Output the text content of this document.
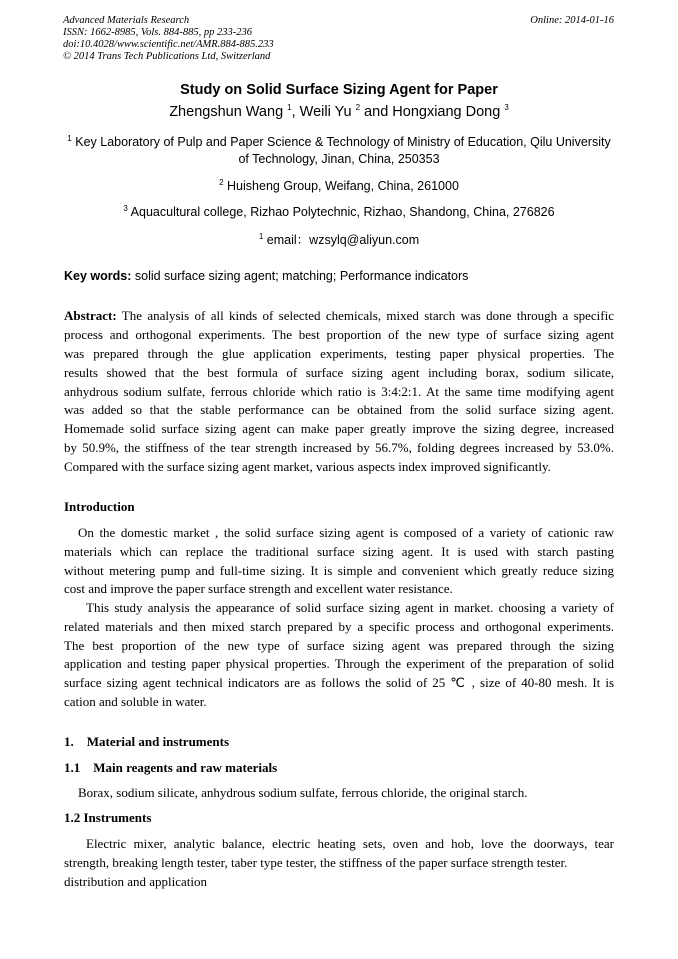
Advanced Materials Research
ISSN: 1662-8985, Vols. 884-885, pp 233-236
doi:10.4028/www.scientific.net/AMR.884-885.233
© 2014 Trans Tech Publications Ltd, Switzerland
Online: 2014-01-16
Study on Solid Surface Sizing Agent for Paper
Zhengshun Wang $^1$, Weili Yu $^2$ and Hongxiang Dong $^3$
$^1$ Key Laboratory of Pulp and Paper Science & Technology of Ministry of Education, Qilu University
of Technology, Jinan, China, 250353
$^2$ Huisheng Group, Weifang, China, 261000
$^3$ Aquacultural college, Rizhao Polytechnic, Rizhao, Shandong, China, 276826
$^1$ email：wzsylq@aliyun.com
Key words: solid surface sizing agent; matching; Performance indicators
Abstract: The analysis of all kinds of selected chemicals, mixed starch was done through a specific
process and orthogonal experiments. The best proportion of the new type of surface sizing agent
was prepared through the glue application experiments, testing paper physical properties. The
results showed that the best formula of surface sizing agent including borax, sodium silicate,
anhydrous sodium sulfate, ferrous chloride which ratio is 3:4:2:1. At the same time modifying agent
was added so that the stable performance can be obtained from the solid surface sizing agent.
Homemade solid surface sizing agent can make paper greatly improve the sizing degree, increased
by 50.9%, the stiffness of the tear strength increased by 56.7%, folding degrees increased by 53.0%.
Compared with the surface sizing agent market, various aspects index improved significantly.
Introduction
On the domestic market , the solid surface sizing agent is composed of a variety of cationic raw
materials which can replace the traditional surface sizing agent. It is used with starch pasting
without metering pump and full-time sizing. It is simple and convenient which greatly reduce sizing
cost and improve the paper surface strength and excellent water resistance.
This study analysis the appearance of solid surface sizing agent in market. choosing a variety of
related materials and then mixed starch prepared by a specific process and orthogonal experiments.
The best proportion of the new type of surface sizing agent was prepared through the sizing
application and testing paper physical properties. Through the experiment of the preparation of solid
surface sizing agent technical indicators are as follows the solid of 25 ℃ , size of 40-80 mesh. It is
cation and soluble in water.
1.    Material and instruments
1.1    Main reagents and raw materials
Borax, sodium silicate, anhydrous sodium sulfate, ferrous chloride, the original starch.
1.2 Instruments
Electric mixer, analytic balance, electric heating sets, oven and hob, love the doorways, tear
strength, breaking length tester, taber type tester, the stiffness of the paper surface strength tester.
distribution and application
